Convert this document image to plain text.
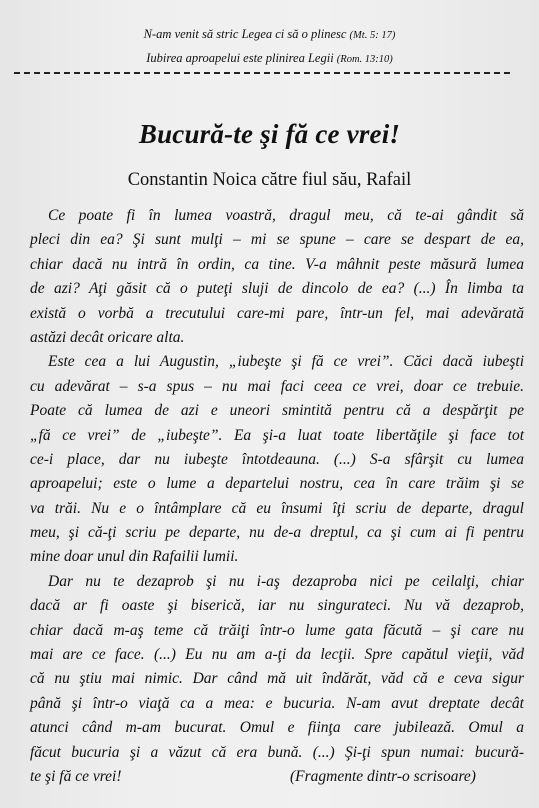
N-am venit să stric Legea ci să o plinesc (Mt. 5: 17)
Iubirea aproapelui este plinirea Legii (Rom. 13:10)
Bucură-te şi fă ce vrei!
Constantin Noica către fiul său, Rafail
Ce poate fi în lumea voastră, dragul meu, că te-ai gândit să
pleci din ea? Şi sunt mulţi – mi se spune – care se despart de ea,
chiar dacă nu intră în ordin, ca tine. V-a mâhnit peste măsură lumea
de azi? Aţi găsit că o puteţi sluji de dincolo de ea? (...) În limba ta
există o vorbă a trecutului care-mi pare, într-un fel, mai adevărată
astăzi decât oricare alta.
Este cea a lui Augustin, „iubeşte şi fă ce vrei”. Căci dacă iubeşti
cu adevărat – s-a spus – nu mai faci ceea ce vrei, doar ce trebuie.
Poate că lumea de azi e uneori smintită pentru că a despărţit pe
„fă ce vrei” de „iubeşte”. Ea şi-a luat toate libertăţile şi face tot
ce-i place, dar nu iubeşte întotdeauna. (...) S-a sfârşit cu lumea
aproapelui; este o lume a departelui nostru, cea în care trăim şi se
va trăi. Nu e o întâmplare că eu însumi îţi scriu de departe, dragul
meu, şi că-ţi scriu pe departe, nu de-a dreptul, ca şi cum ai fi pentru
mine doar unul din Rafailii lumii.
Dar nu te dezaprob şi nu i-aş dezaproba nici pe ceilalţi, chiar
dacă ar fi oaste şi biserică, iar nu singurateci. Nu vă dezaprob,
chiar dacă m-aş teme că trăiţi într-o lume gata făcută – şi care nu
mai are ce face. (...) Eu nu am a-ţi da lecţii. Spre capătul vieţii, văd
că nu ştiu mai nimic. Dar când mă uit îndărăt, văd că e ceva sigur
până şi într-o viaţă ca a mea: e bucuria. N-am avut dreptate decât
atunci când m-am bucurat. Omul e fiinţa care jubilează. Omul a
făcut bucuria şi a văzut că era bună. (...) Şi-ţi spun numai: bucură-
te şi fă ce vrei!	(Fragmente dintr-o scrisoare)
